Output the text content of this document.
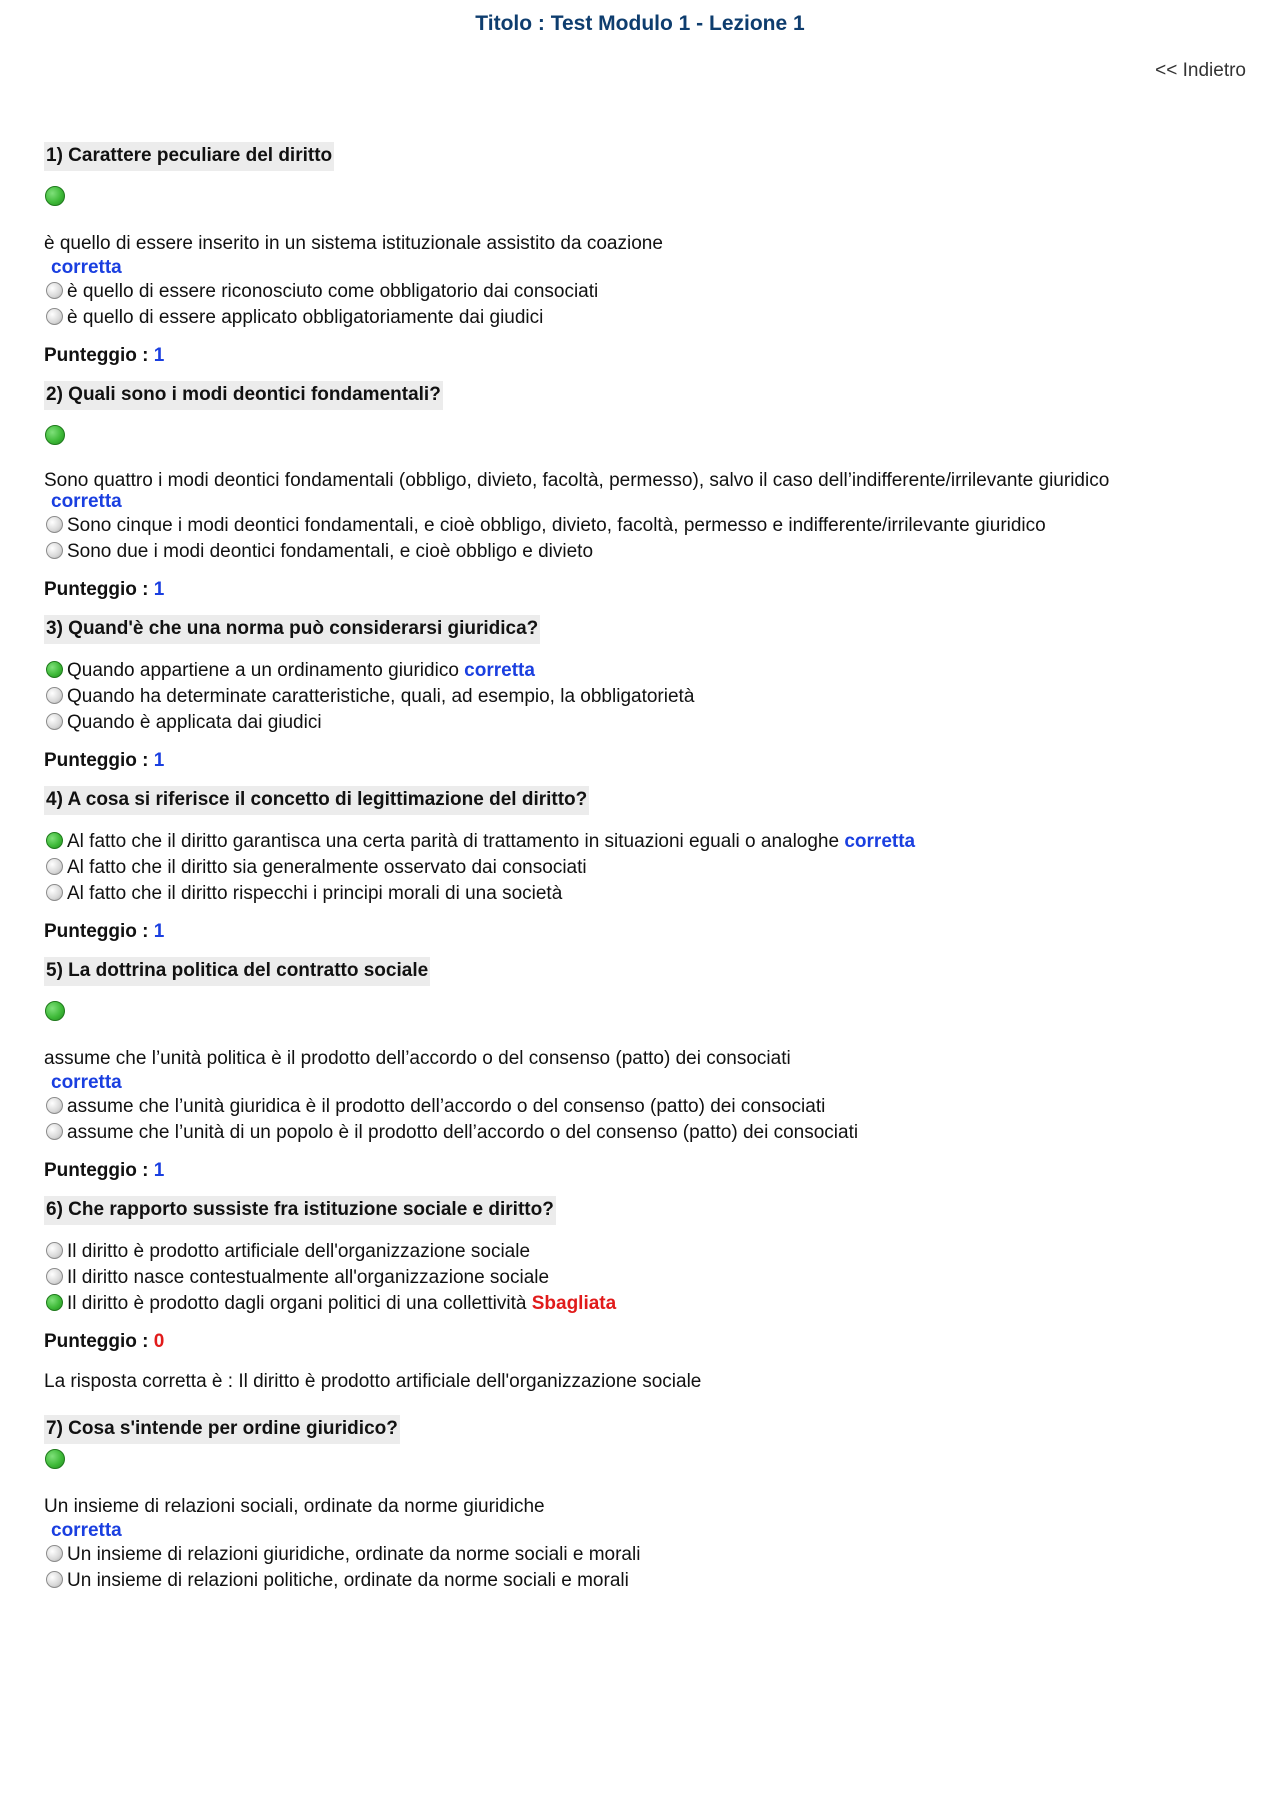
Titolo : Test Modulo 1 - Lezione 1
<< Indietro
1) Carattere peculiare del diritto
è quello di essere inserito in un sistema istituzionale assistito da coazione
corretta
è quello di essere riconosciuto come obbligatorio dai consociati
è quello di essere applicato obbligatoriamente dai giudici
Punteggio : 1
2) Quali sono i modi deontici fondamentali?
Sono quattro i modi deontici fondamentali (obbligo, divieto, facoltà, permesso), salvo il caso dell’indifferente/irrilevante giuridico
corretta
Sono cinque i modi deontici fondamentali, e cioè obbligo, divieto, facoltà, permesso e indifferente/irrilevante giuridico
Sono due i modi deontici fondamentali, e cioè obbligo e divieto
Punteggio : 1
3) Quand'è che una norma può considerarsi giuridica?
Quando appartiene a un ordinamento giuridico corretta
Quando ha determinate caratteristiche, quali, ad esempio, la obbligatorietà
Quando è applicata dai giudici
Punteggio : 1
4) A cosa si riferisce il concetto di legittimazione del diritto?
Al fatto che il diritto garantisca una certa parità di trattamento in situazioni eguali o analoghe corretta
Al fatto che il diritto sia generalmente osservato dai consociati
Al fatto che il diritto rispecchi i principi morali di una società
Punteggio : 1
5) La dottrina politica del contratto sociale
assume che l’unità politica è il prodotto dell’accordo o del consenso (patto) dei consociati
corretta
assume che l’unità giuridica è il prodotto dell’accordo o del consenso (patto) dei consociati
assume che l’unità di un popolo è il prodotto dell’accordo o del consenso (patto) dei consociati
Punteggio : 1
6) Che rapporto sussiste fra istituzione sociale e diritto?
Il diritto è prodotto artificiale dell'organizzazione sociale
Il diritto nasce contestualmente all'organizzazione sociale
Il diritto è prodotto dagli organi politici di una collettività Sbagliata
Punteggio : 0
La risposta corretta è : Il diritto è prodotto artificiale dell'organizzazione sociale
7) Cosa s'intende per ordine giuridico?
Un insieme di relazioni sociali, ordinate da norme giuridiche
corretta
Un insieme di relazioni giuridiche, ordinate da norme sociali e morali
Un insieme di relazioni politiche, ordinate da norme sociali e morali
